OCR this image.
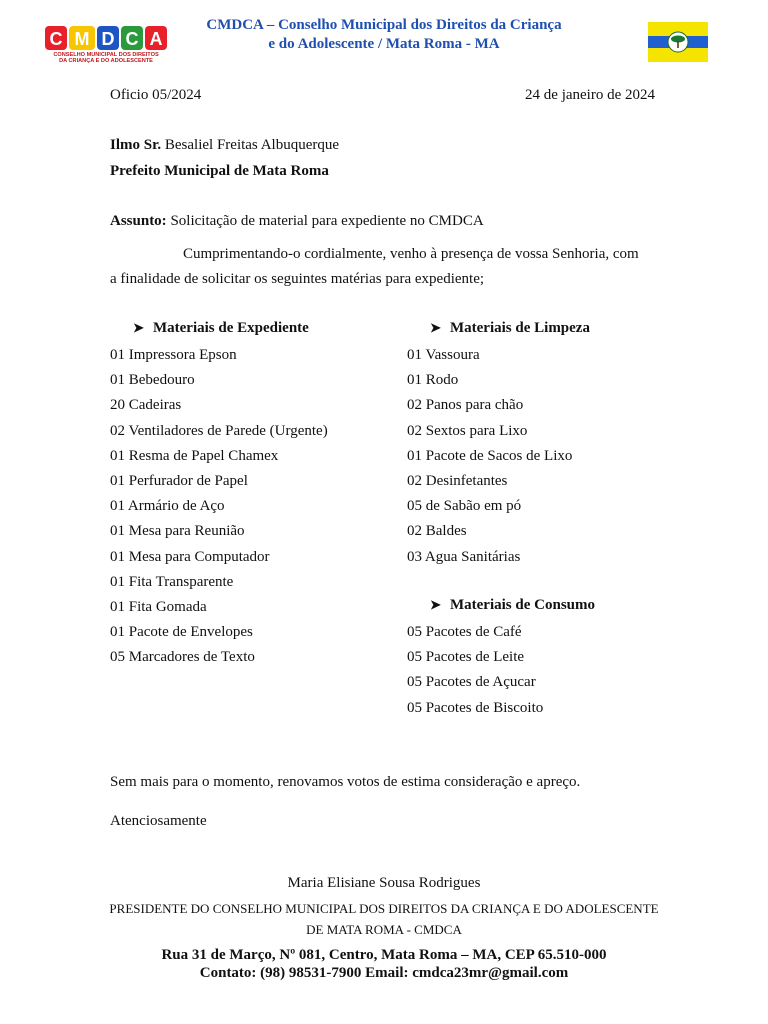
C M D C A
CONSELHO MUNICIPAL DOS DIREITOS
DA CRIANÇA E DO ADOLESCENTE
CMDCA – Conselho Municipal dos Direitos da Criança
e do Adolescente / Mata Roma - MA
Oficio 05/2024	24 de janeiro de 2024
Ilmo Sr. Besaliel Freitas Albuquerque
Prefeito Municipal de Mata Roma
Assunto: Solicitação de material para expediente no CMDCA
Cumprimentando-o cordialmente, venho à presença de vossa Senhoria, com
a finalidade de solicitar os seguintes matérias para expediente;
➤ Materiais de Expediente
01 Impressora Epson
01 Bebedouro
20 Cadeiras
02 Ventiladores de Parede (Urgente)
01 Resma de Papel Chamex
01 Perfurador de Papel
01 Armário de Aço
01 Mesa para Reunião
01 Mesa para Computador
01 Fita Transparente
01 Fita Gomada
01 Pacote de Envelopes
05 Marcadores de Texto
➤ Materiais de Limpeza
01 Vassoura
01 Rodo
02 Panos para chão
02 Sextos para Lixo
01 Pacote de Sacos de Lixo
02 Desinfetantes
05 de Sabão em pó
02 Baldes
03 Agua Sanitárias
➤ Materiais de Consumo
05 Pacotes de Café
05 Pacotes de Leite
05 Pacotes de Açucar
05 Pacotes de Biscoito
Sem mais para o momento, renovamos votos de estima consideração e apreço.
Atenciosamente
Maria Elisiane Sousa Rodrigues
PRESIDENTE DO CONSELHO MUNICIPAL DOS DIREITOS DA CRIANÇA E DO ADOLESCENTE
DE MATA ROMA - CMDCA
Rua 31 de Março, Nº 081, Centro, Mata Roma – MA, CEP 65.510-000
Contato: (98) 98531-7900 Email: cmdca23mr@gmail.com
